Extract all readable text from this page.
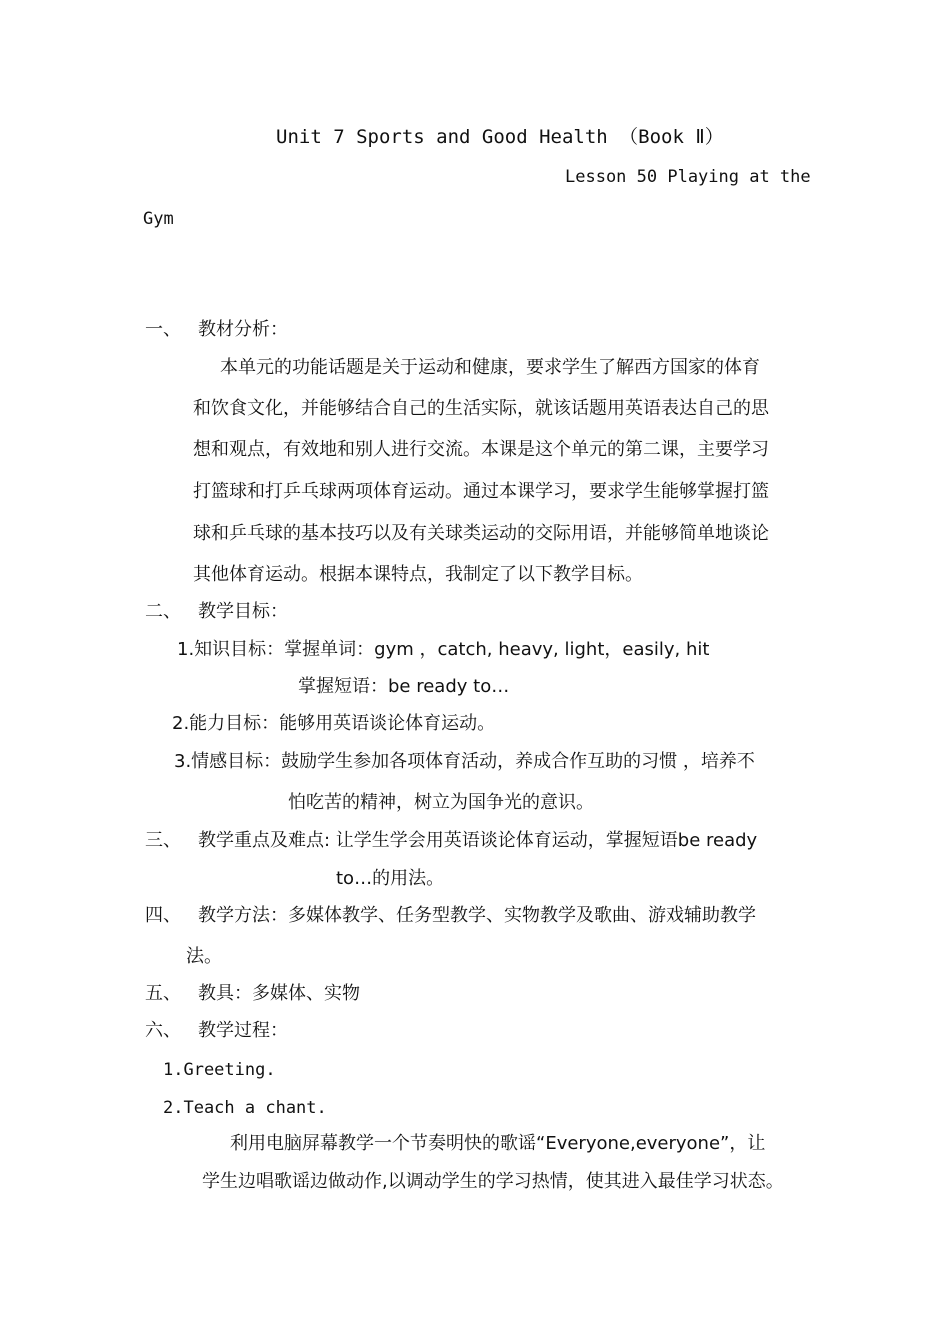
Unit 7 Sports and Good Health （Book Ⅱ）
Lesson 50 Playing at the
Gym
一、 教材分析：
本单元的功能话题是关于运动和健康，要求学生了解西方国家的体育
和饮食文化，并能够结合自己的生活实际，就该话题用英语表达自己的思
想和观点，有效地和别人进行交流。本课是这个单元的第二课，主要学习
打篮球和打乒乓球两项体育运动。通过本课学习，要求学生能够掌握打篮
球和乒乓球的基本技巧以及有关球类运动的交际用语，并能够简单地谈论
其他体育运动。根据本课特点，我制定了以下教学目标。
二、 教学目标：
1.知识目标：掌握单词：gym ，catch, heavy, light，easily, hit
掌握短语：be ready to…
2.能力目标：能够用英语谈论体育运动。
3.情感目标：鼓励学生参加各项体育活动，养成合作互助的习惯 ，培养不
怕吃苦的精神，树立为国争光的意识。
三、 教学重点及难点: 让学生学会用英语谈论体育运动，掌握短语be ready
to…的用法。
四、 教学方法：多媒体教学、任务型教学、实物教学及歌曲、游戏辅助教学
法。
五、 教具：多媒体、实物
六、 教学过程：
1.Greeting.
2.Teach a chant.
利用电脑屏幕教学一个节奏明快的歌谣“Everyone,everyone”，让
学生边唱歌谣边做动作,以调动学生的学习热情，使其进入最佳学习状态。
